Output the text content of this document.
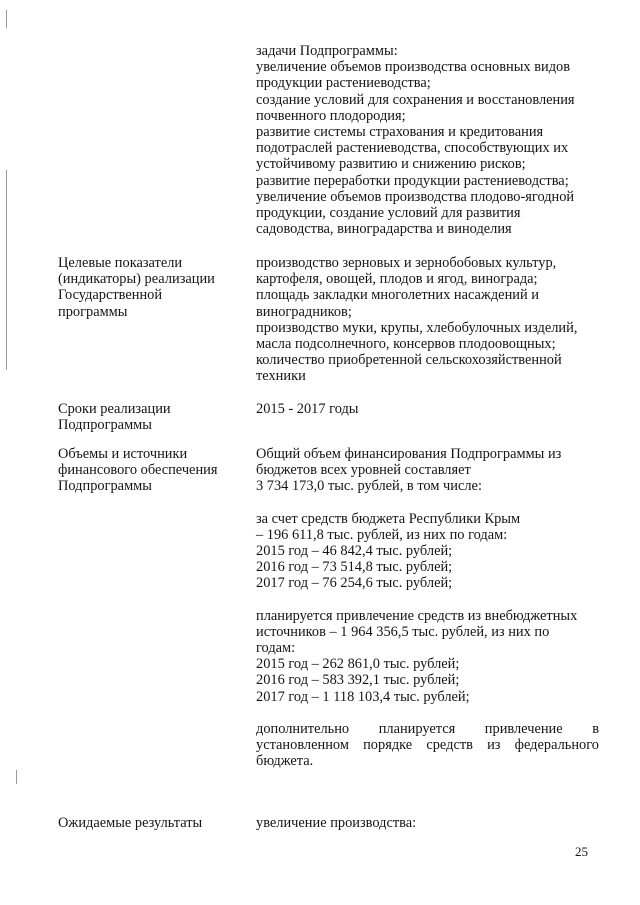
задачи Подпрограммы:
увеличение объемов производства основных видов
продукции растениеводства;
создание условий для сохранения и восстановления
почвенного плодородия;
развитие системы страхования и кредитования
подотраслей растениеводства, способствующих их
устойчивому развитию и снижению рисков;
развитие переработки продукции растениеводства;
увеличение объемов производства плодово-ягодной
продукции, создание условий для развития
садоводства, виноградарства и виноделия
Целевые показатели
(индикаторы) реализации
Государственной
программы
производство зерновых и зернобобовых культур,
картофеля, овощей, плодов и ягод, винограда;
площадь закладки многолетних насаждений и
виноградников;
производство муки, крупы, хлебобулочных изделий,
масла подсолнечного, консервов плодоовощных;
количество приобретенной сельскохозяйственной
техники
Сроки реализации
Подпрограммы
2015 - 2017 годы
Объемы и источники
финансового обеспечения
Подпрограммы
Общий объем финансирования Подпрограммы из
бюджетов всех уровней составляет
3 734 173,0 тыс. рублей, в том числе:
за счет средств бюджета Республики Крым
– 196 611,8 тыс. рублей, из них по годам:
2015 год – 46 842,4 тыс. рублей;
2016 год – 73 514,8 тыс. рублей;
2017 год – 76 254,6 тыс. рублей;
планируется привлечение средств из внебюджетных
источников – 1 964 356,5 тыс. рублей, из них по
годам:
2015 год – 262 861,0 тыс. рублей;
2016 год – 583 392,1 тыс. рублей;
2017 год – 1 118 103,4 тыс. рублей;
дополнительно планируется привлечение в
установленном порядке средств из федерального
бюджета.
Ожидаемые результаты	увеличение производства:
25
